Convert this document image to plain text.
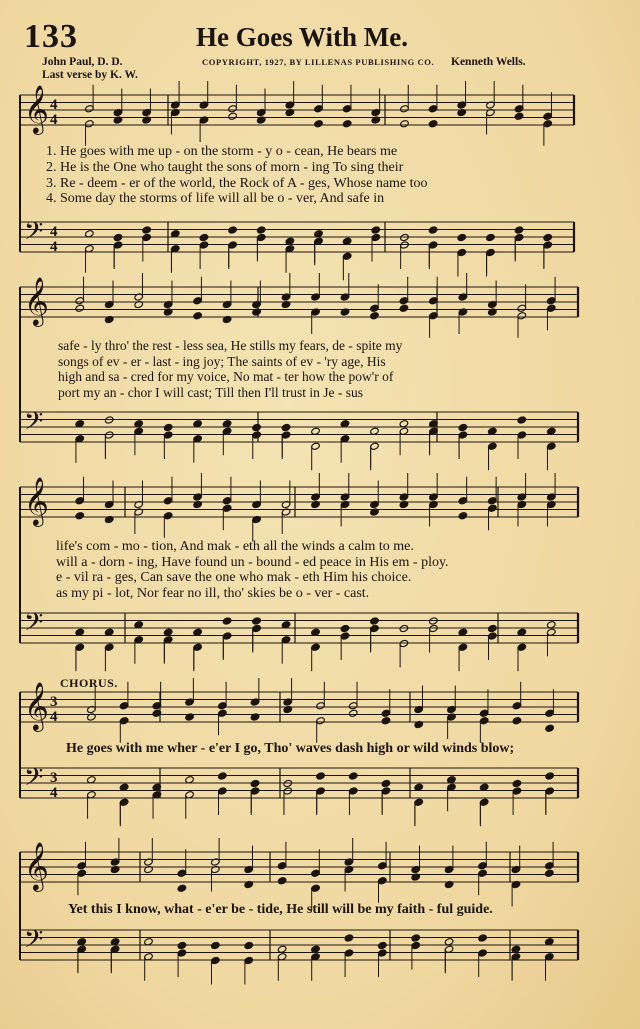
133	He Goes With Me.
John Paul, D. D.	COPYRIGHT, 1927, BY LILLENAS PUBLISHING CO. Kenneth Wells.
Last verse by K. W.
𝄞
𝄢
4
4
4
4
𝄞
𝄢
𝄞
𝄢
𝄞
𝄢
3
4
3
4
𝄞
𝄢
1. He goes with me up - on the storm - y o - cean, He bears me
2. He is the One who taught the sons of morn - ing To sing their
3. Re - deem - er of the world, the Rock of A - ges, Whose name too
4. Some day the storms of life will all be o - ver, And safe in
safe - ly thro' the rest - less sea, He stills my fears, de - spite my
songs of ev - er - last - ing joy; The saints of ev - 'ry age, His
high and sa - cred for my voice, No mat - ter how the pow'r of
port my an - chor I will cast; Till then I'll trust in Je - sus
life's com - mo - tion, And mak - eth all the winds a calm to me.
will a - dorn - ing, Have found un - bound - ed peace in His em - ploy.
e - vil ra - ges, Can save the one who mak - eth Him his choice.
as my pi - lot, Nor fear no ill, tho' skies be o - ver - cast.
CHORUS.
He goes with me wher - e'er I go, Tho' waves dash high or wild winds blow;
Yet this I know, what - e'er be - tide, He still will be my faith - ful guide.
